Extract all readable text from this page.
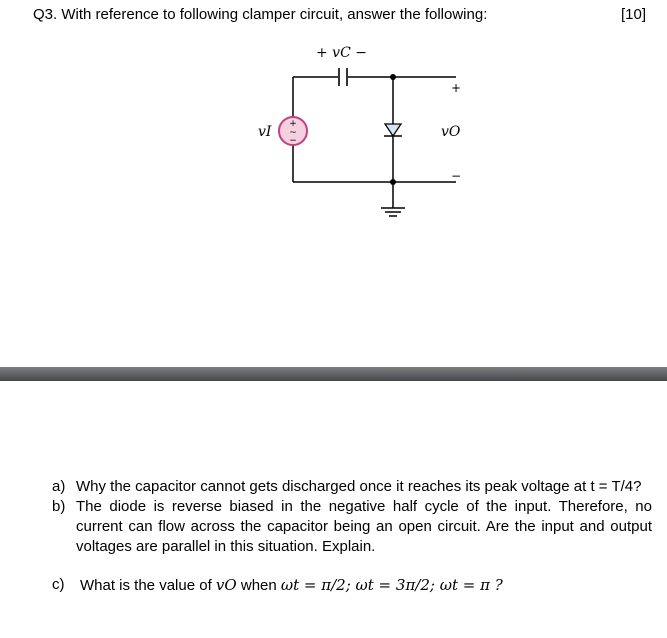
Q3. With reference to following clamper circuit, answer the following:	[10]
+ vC −
+
~
−
vI
+
vO
−
a) Why the capacitor cannot gets discharged once it reaches its peak voltage at t = T/4?
b) The diode is reverse biased in the negative half cycle of the input. Therefore, no current can flow across the capacitor being an open circuit. Are the input and output voltages are parallel in this situation. Explain.
c)	What is the value of vO when ωt = π/2; ωt = 3π/2; ωt = π ?
